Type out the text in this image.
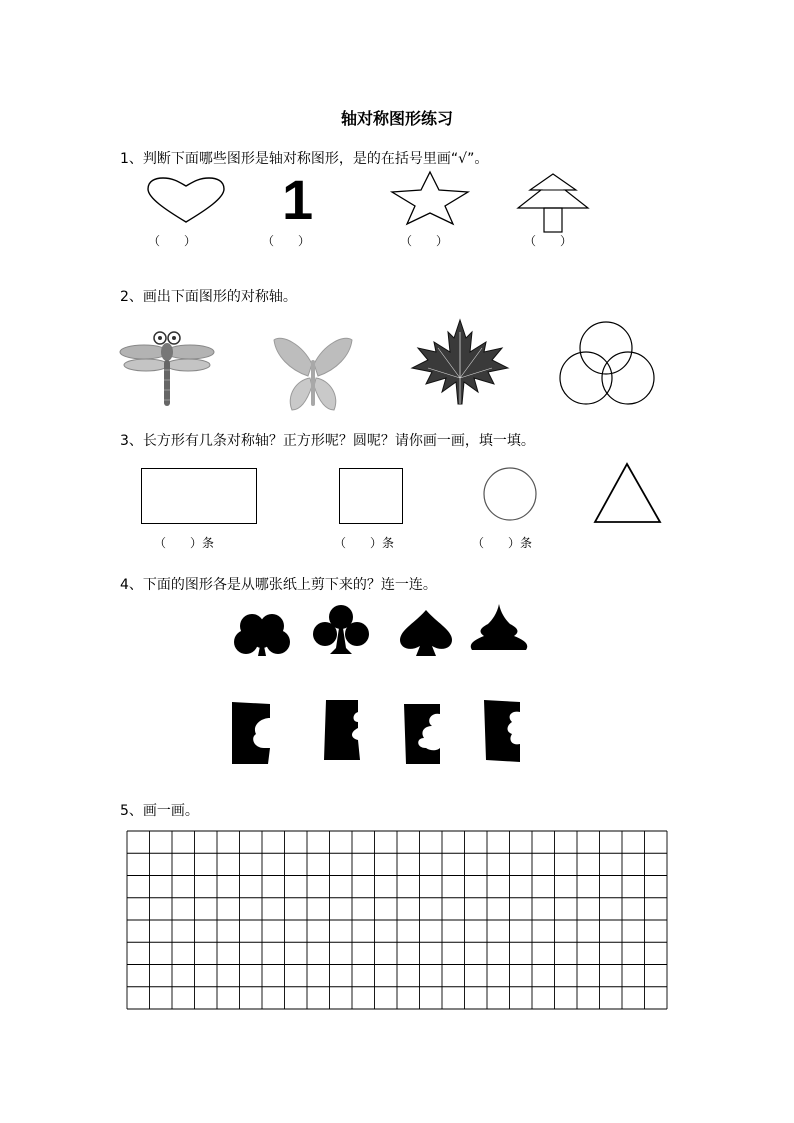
轴对称图形练习
1、判断下面哪些图形是轴对称图形，是的在括号里画“√”。
1
（　　）	（　　）	（　　）	（　　）
2、画出下面图形的对称轴。
3、长方形有几条对称轴？正方形呢？圆呢？请你画一画，填一填。
（　　）条	（　　）条	（　　）条
4、下面的图形各是从哪张纸上剪下来的？连一连。
5、画一画。
